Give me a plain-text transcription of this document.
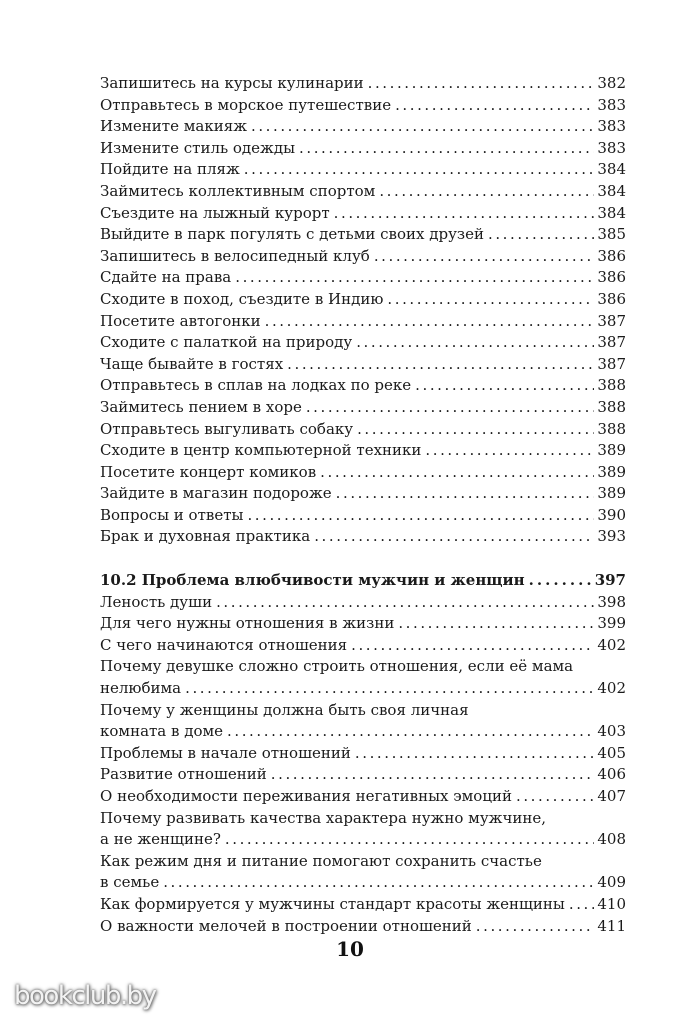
Запишитесь на курсы кулинарии . . .	382
Отправьтесь в морское путешествие . . .	383
Измените макияж . . .	383
Измените стиль одежды . . .	383
Пойдите на пляж . . .	384
Займитесь коллективным спортом . . .	384
Съездите на лыжный курорт . . .	384
Выйдите в парк погулять с детьми своих друзей . . .	385
Запишитесь в велосипедный клуб . . .	386
Сдайте на права . . .	386
Сходите в поход, съездите в Индию . . .	386
Посетите автогонки . . .	387
Сходите с палаткой на природу . . .	387
Чаще бывайте в гостях . . .	387
Отправьтесь в сплав на лодках по реке . . .	388
Займитесь пением в хоре . . .	388
Отправьтесь выгуливать собаку . . .	388
Сходите в центр компьютерной техники . . .	389
Посетите концерт комиков . . .	389
Зайдите в магазин подороже . . .	389
Вопросы и ответы . . .	390
Брак и духовная практика . . .	393
10.2 Проблема влюбчивости мужчин и женщин . . .	397
Леность души . . .	398
Для чего нужны отношения в жизни . . .	399
С чего начинаются отношения . . .	402
Почему девушке сложно строить отношения, если её мама
нелюбима . . .	402
Почему у женщины должна быть своя личная
комната в доме . . .	403
Проблемы в начале отношений . . .	405
Развитие отношений . . .	406
О необходимости переживания негативных эмоций . . .	407
Почему развивать качества характера нужно мужчине,
а не женщине? . . .	408
Как режим дня и питание помогают сохранить счастье
в семье . . .	409
Как формируется у мужчины стандарт красоты женщины . . . 410
О важности мелочей в построении отношений . . .	411
10
bookclub.by
